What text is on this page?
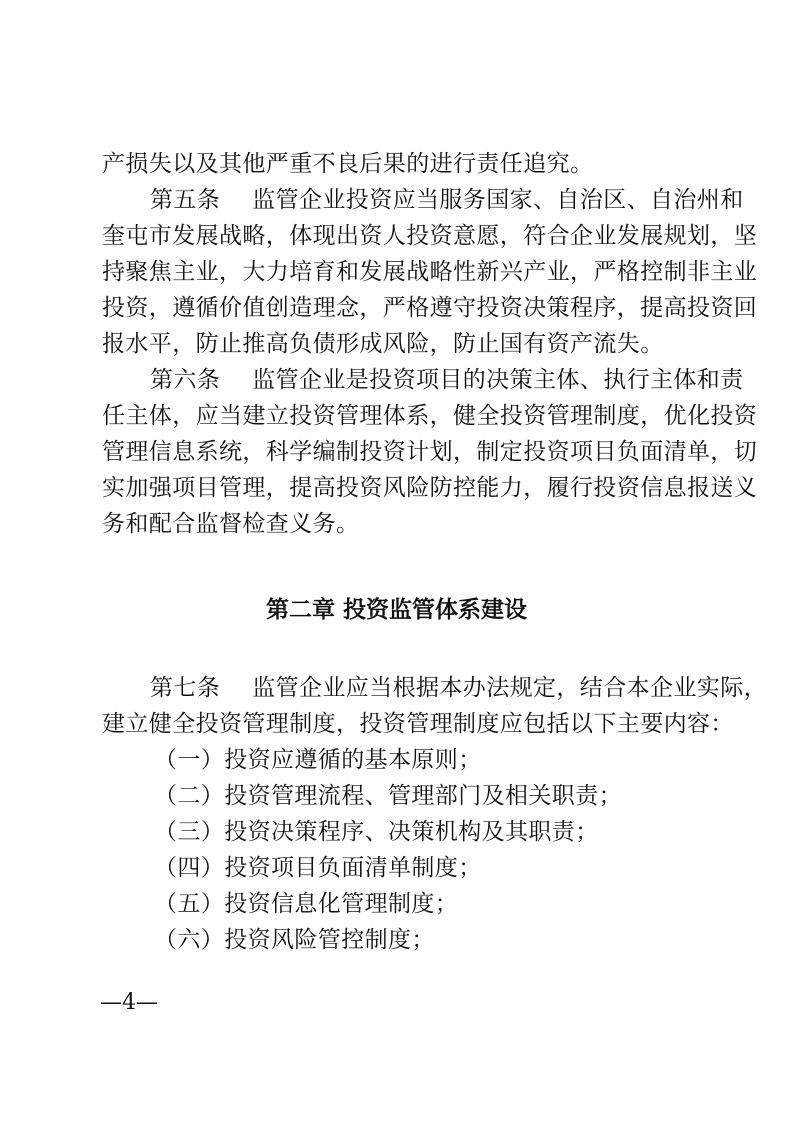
产损失以及其他严重不良后果的进行责任追究。
第五条 监管企业投资应当服务国家、自治区、自治州和
奎屯市发展战略，体现出资人投资意愿，符合企业发展规划，坚
持聚焦主业，大力培育和发展战略性新兴产业，严格控制非主业
投资，遵循价值创造理念，严格遵守投资决策程序，提高投资回
报水平，防止推高负债形成风险，防止国有资产流失。
第六条 监管企业是投资项目的决策主体、执行主体和责
任主体，应当建立投资管理体系，健全投资管理制度，优化投资
管理信息系统，科学编制投资计划，制定投资项目负面清单，切
实加强项目管理，提高投资风险防控能力，履行投资信息报送义
务和配合监督检查义务。
第二章 投资监管体系建设
第七条 监管企业应当根据本办法规定，结合本企业实际，
建立健全投资管理制度，投资管理制度应包括以下主要内容：
（一）投资应遵循的基本原则；
（二）投资管理流程、管理部门及相关职责；
（三）投资决策程序、决策机构及其职责；
（四）投资项目负面清单制度；
（五）投资信息化管理制度；
（六）投资风险管控制度；
—4—
